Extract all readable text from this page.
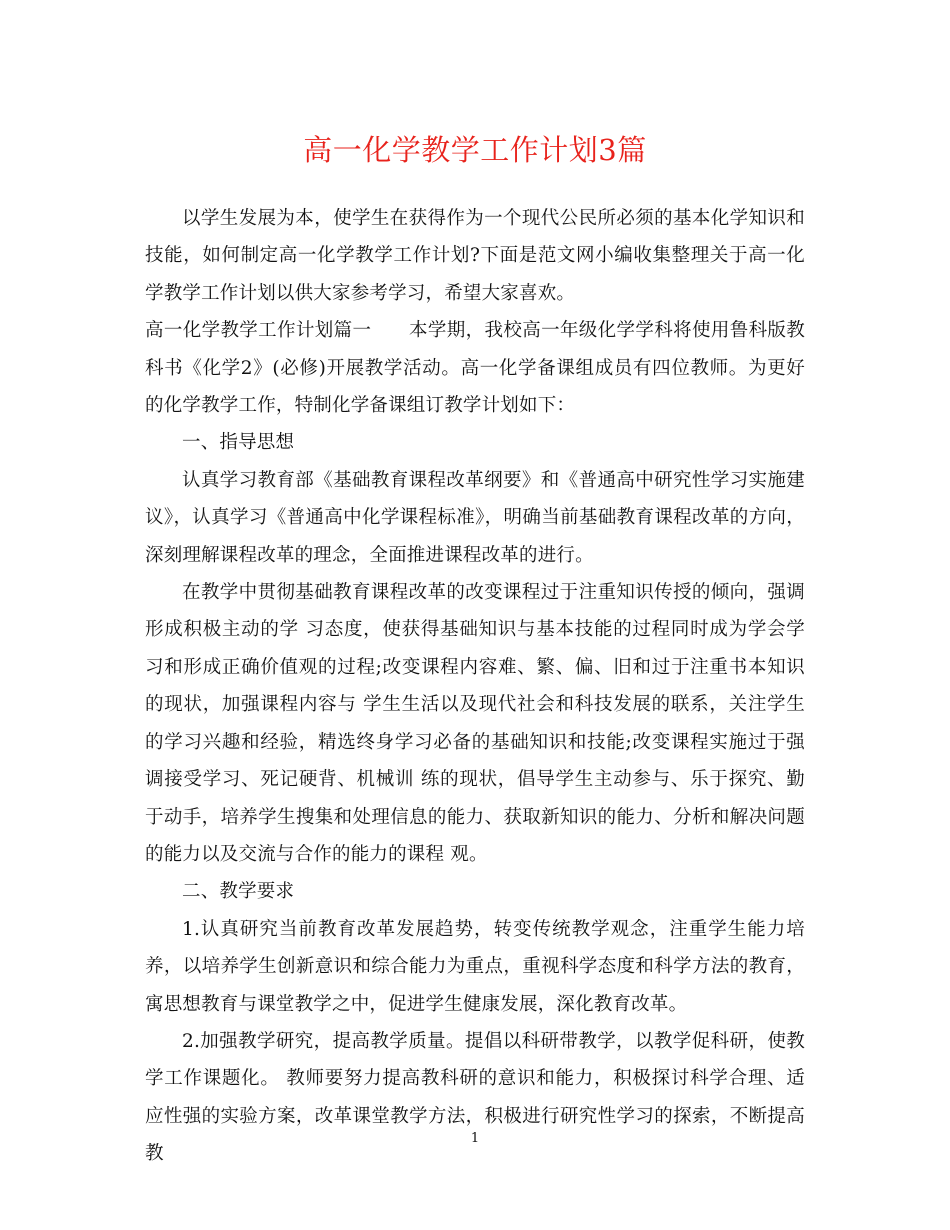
高一化学教学工作计划3篇

以学生发展为本，使学生在获得作为一个现代公民所必须的基本化学知识和技能，如何制定高一化学教学工作计划?下面是范文网小编收集整理关于高一化学教学工作计划以供大家参考学习，希望大家喜欢。

高一化学教学工作计划篇一　　本学期，我校高一年级化学学科将使用鲁科版教科书《化学2》(必修)开展教学活动。高一化学备课组成员有四位教师。为更好的化学教学工作，特制化学备课组订教学计划如下：

一、指导思想

认真学习教育部《基础教育课程改革纲要》和《普通高中研究性学习实施建议》，认真学习《普通高中化学课程标准》，明确当前基础教育课程改革的方向，深刻理解课程改革的理念，全面推进课程改革的进行。

在教学中贯彻基础教育课程改革的改变课程过于注重知识传授的倾向，强调形成积极主动的学 习态度，使获得基础知识与基本技能的过程同时成为学会学习和形成正确价值观的过程;改变课程内容难、繁、偏、旧和过于注重书本知识的现状，加强课程内容与 学生生活以及现代社会和科技发展的联系，关注学生的学习兴趣和经验，精选终身学习必备的基础知识和技能;改变课程实施过于强调接受学习、死记硬背、机械训 练的现状，倡导学生主动参与、乐于探究、勤于动手，培养学生搜集和处理信息的能力、获取新知识的能力、分析和解决问题的能力以及交流与合作的能力的课程 观。

二、教学要求

1.认真研究当前教育改革发展趋势，转变传统教学观念，注重学生能力培养，以培养学生创新意识和综合能力为重点，重视科学态度和科学方法的教育，寓思想教育与课堂教学之中，促进学生健康发展，深化教育改革。

2.加强教学研究，提高教学质量。提倡以科研带教学，以教学促科研，使教学工作课题化。 教师要努力提高教科研的意识和能力，积极探讨科学合理、适应性强的实验方案，改革课堂教学方法，积极进行研究性学习的探索，不断提高教

1
